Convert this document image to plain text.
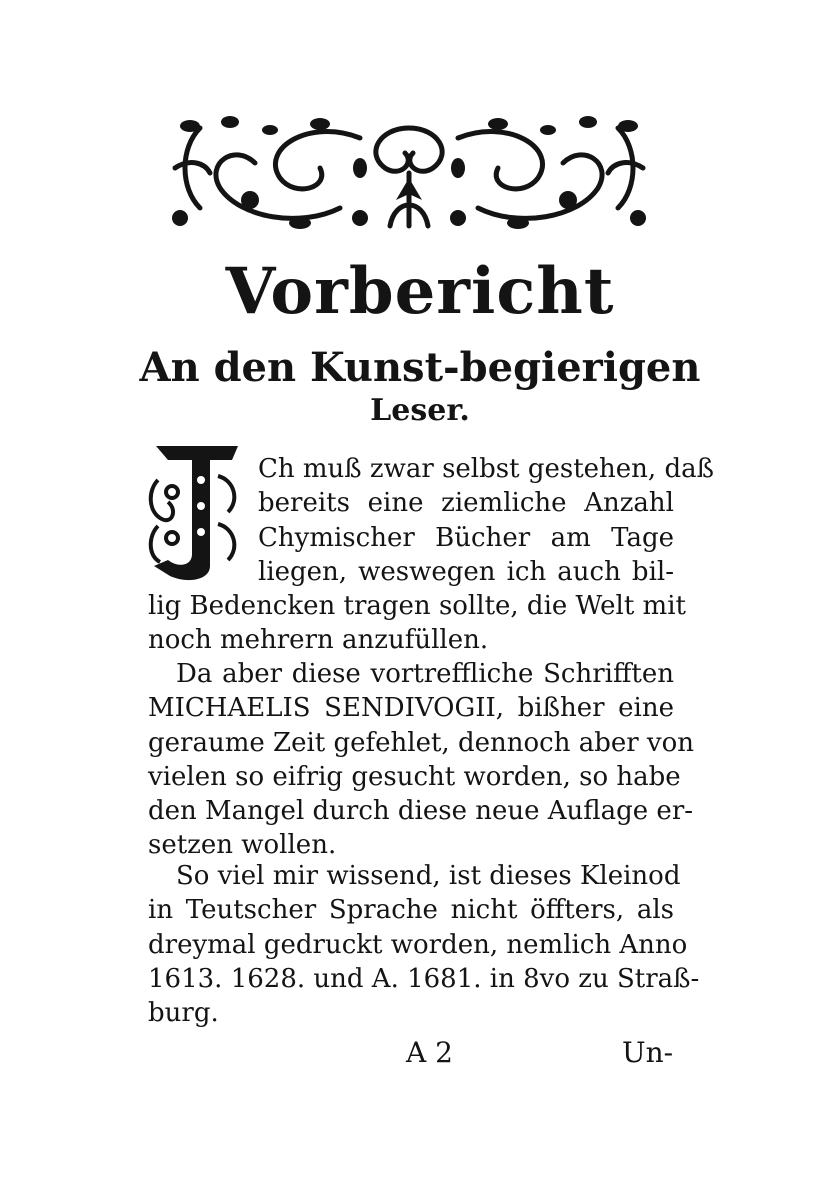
Vorbericht
An den Kunst-begierigen
Leser.
Ch muß zwar selbst gestehen, daß
bereits eine ziemliche Anzahl
Chymischer Bücher am Tage
liegen, weswegen ich auch bil-
lig Bedencken tragen sollte, die Welt mit
noch mehrern anzufüllen.
Da aber diese vortreffliche Schrifften
MICHAELIS SENDIVOGII, bißher eine
geraume Zeit gefehlet, dennoch aber von
vielen so eifrig gesucht worden, so habe
den Mangel durch diese neue Auflage er-
setzen wollen.
So viel mir wissend, ist dieses Kleinod
in Teutscher Sprache nicht öffters, als
dreymal gedruckt worden, nemlich Anno
1613. 1628. und A. 1681. in 8vo zu Straß-
burg.

A 2	Un-
